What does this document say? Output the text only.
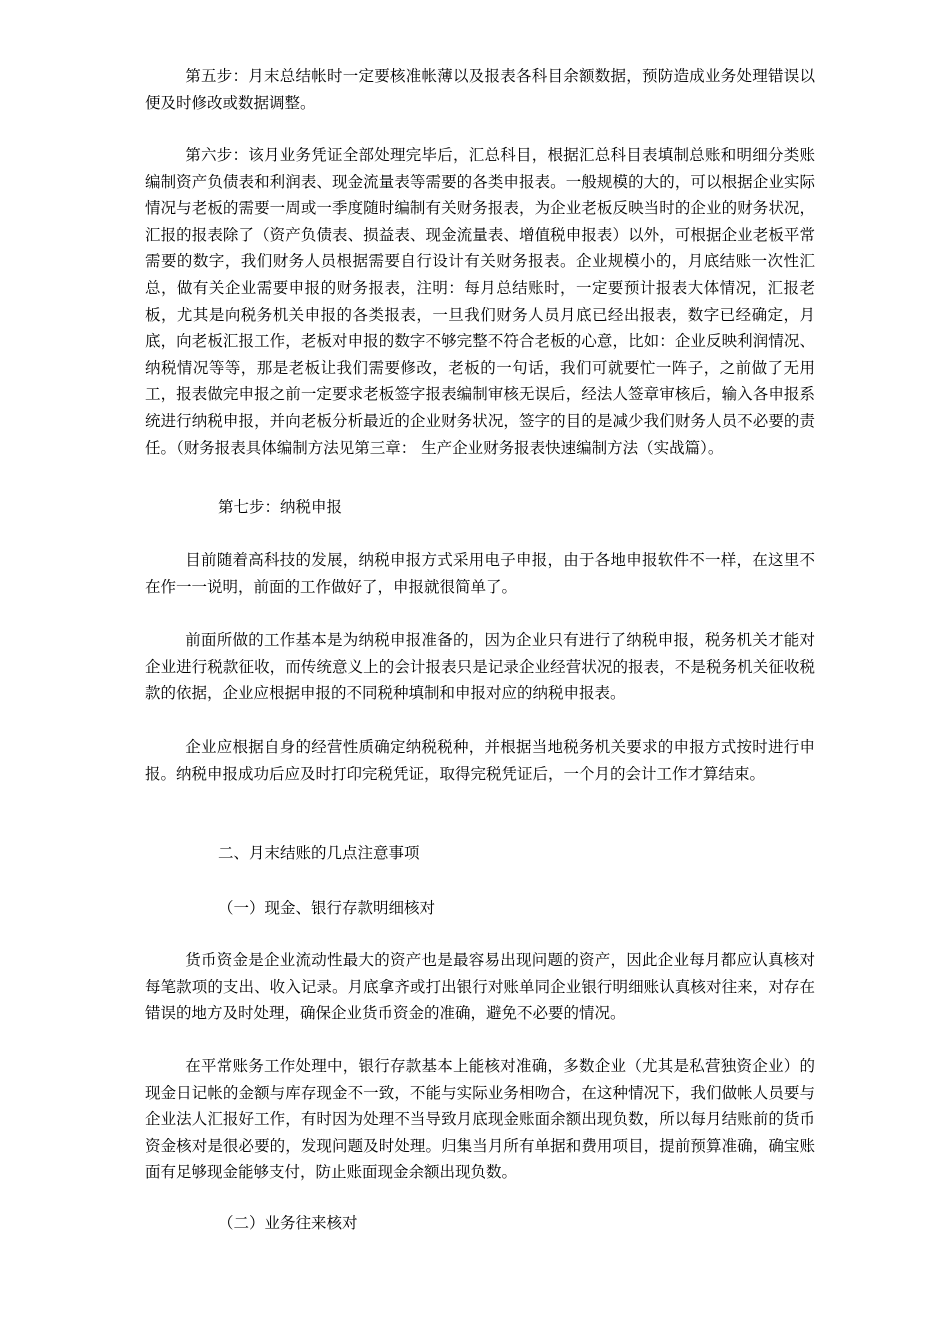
第五步：月末总结帐时一定要核准帐薄以及报表各科目余额数据，预防造成业务处理错误以便及时修改或数据调整。

第六步：该月业务凭证全部处理完毕后，汇总科目，根据汇总科目表填制总账和明细分类账编制资产负债表和利润表、现金流量表等需要的各类申报表。一般规模的大的，可以根据企业实际情况与老板的需要一周或一季度随时编制有关财务报表，为企业老板反映当时的企业的财务状况，汇报的报表除了（资产负债表、损益表、现金流量表、增值税申报表）以外，可根据企业老板平常需要的数字，我们财务人员根据需要自行设计有关财务报表。企业规模小的，月底结账一次性汇总，做有关企业需要申报的财务报表，注明：每月总结账时，一定要预计报表大体情况，汇报老板，尤其是向税务机关申报的各类报表，一旦我们财务人员月底已经出报表，数字已经确定，月底，向老板汇报工作，老板对申报的数字不够完整不符合老板的心意，比如：企业反映利润情况、纳税情况等等，那是老板让我们需要修改，老板的一句话，我们可就要忙一阵子，之前做了无用工，报表做完申报之前一定要求老板签字报表编制审核无误后，经法人签章审核后，输入各申报系统进行纳税申报，并向老板分析最近的企业财务状况，签字的目的是减少我们财务人员不必要的责任。（财务报表具体编制方法见第三章： 生产企业财务报表快速编制方法（实战篇）。

第七步：纳税申报

目前随着高科技的发展，纳税申报方式采用电子申报，由于各地申报软件不一样，在这里不在作一一说明，前面的工作做好了，申报就很简单了。

前面所做的工作基本是为纳税申报准备的，因为企业只有进行了纳税申报，税务机关才能对企业进行税款征收，而传统意义上的会计报表只是记录企业经营状况的报表，不是税务机关征收税款的依据，企业应根据申报的不同税种填制和申报对应的纳税申报表。

企业应根据自身的经营性质确定纳税税种，并根据当地税务机关要求的申报方式按时进行申报。纳税申报成功后应及时打印完税凭证，取得完税凭证后，一个月的会计工作才算结束。

二、月末结账的几点注意事项

（一）现金、银行存款明细核对

货币资金是企业流动性最大的资产也是最容易出现问题的资产，因此企业每月都应认真核对每笔款项的支出、收入记录。月底拿齐或打出银行对账单同企业银行明细账认真核对往来，对存在错误的地方及时处理，确保企业货币资金的准确，避免不必要的情况。

在平常账务工作处理中，银行存款基本上能核对准确，多数企业（尤其是私营独资企业）的现金日记帐的金额与库存现金不一致，不能与实际业务相吻合，在这种情况下，我们做帐人员要与企业法人汇报好工作，有时因为处理不当导致月底现金账面余额出现负数，所以每月结账前的货币资金核对是很必要的，发现问题及时处理。归集当月所有单据和费用项目，提前预算准确，确宝账面有足够现金能够支付，防止账面现金余额出现负数。

（二）业务往来核对
